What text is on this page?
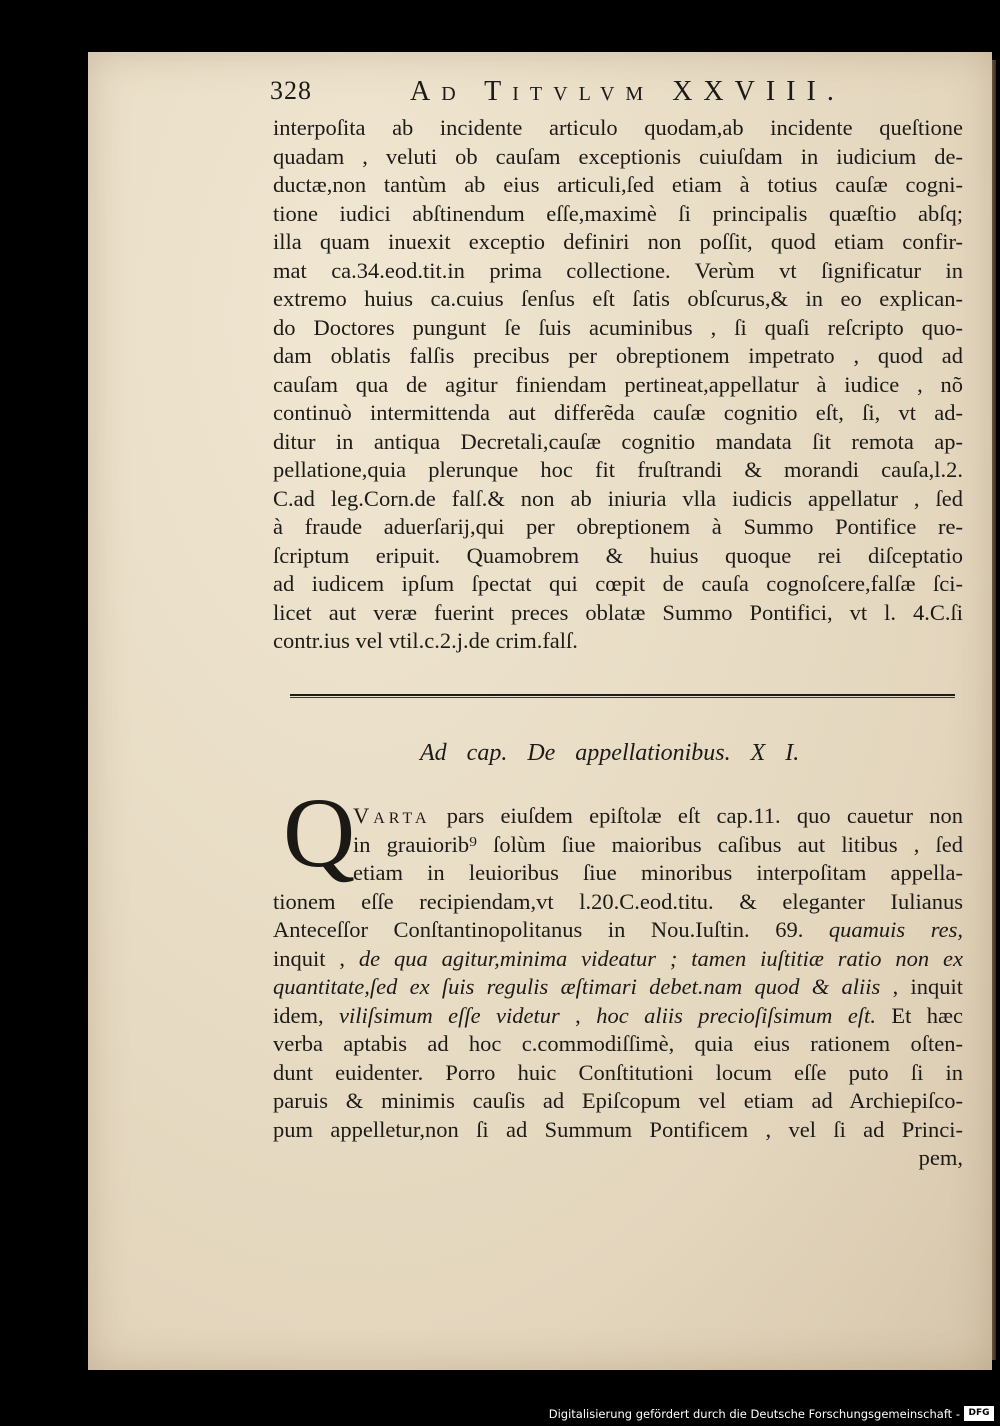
328	Ad Titvlvm XXVIII.
interpoſita ab incidente articulo quodam,ab incidente queſtione
quadam , veluti ob cauſam exceptionis cuiuſdam in iudicium de-
ductæ,non tantùm ab eius articuli,ſed etiam à totius cauſæ cogni-
tione iudici abſtinendum eſſe,maximè ſi principalis quæſtio abſq;
illa quam inuexit exceptio definiri non poſſit, quod etiam confir-
mat ca.34.eod.tit.in prima collectione. Verùm vt ſignificatur in
extremo huius ca.cuius ſenſus eſt ſatis obſcurus,& in eo explican-
do Doctores pungunt ſe ſuis acuminibus , ſi quaſi reſcripto quo-
dam oblatis falſis precibus per obreptionem impetrato , quod ad
cauſam qua de agitur finiendam pertineat,appellatur à iudice , nõ
continuò intermittenda aut differẽda cauſæ cognitio eſt, ſi, vt ad-
ditur in antiqua Decretali,cauſæ cognitio mandata ſit remota ap-
pellatione,quia plerunque hoc fit fruſtrandi & morandi cauſa,l.2.
C.ad leg.Corn.de falſ.& non ab iniuria vlla iudicis appellatur , ſed
à fraude aduerſarij,qui per obreptionem à Summo Pontifice re-
ſcriptum eripuit. Quamobrem & huius quoque rei diſceptatio
ad iudicem ipſum ſpectat qui cœpit de cauſa cognoſcere,falſæ ſci-
licet aut veræ fuerint preces oblatæ Summo Pontifici, vt l. 4.C.ſi
contr.ius vel vtil.c.2.j.de crim.falſ.
Ad cap. De appellationibus. X I.
Q
Varta pars eiuſdem epiſtolæ eſt cap.11. quo cauetur non
in grauiorib⁹ ſolùm ſiue maioribus caſibus aut litibus , ſed
etiam in leuioribus ſiue minoribus interpoſitam appella-
tionem eſſe recipiendam,vt l.20.C.eod.titu. & eleganter Iulianus
Anteceſſor Conſtantinopolitanus in Nou.Iuſtin. 69. quamuis res,
inquit , de qua agitur,minima videatur ; tamen iuſtitiæ ratio non ex
quantitate,ſed ex ſuis regulis æſtimari debet.nam quod & aliis , inquit
idem, viliſsimum eſſe videtur , hoc aliis precioſiſsimum eſt. Et hæc
verba aptabis ad hoc c.commodiſſimè, quia eius rationem oſten-
dunt euidenter. Porro huic Conſtitutioni locum eſſe puto ſi in
paruis & minimis cauſis ad Epiſcopum vel etiam ad Archiepiſco-
pum appelletur,non ſi ad Summum Pontificem , vel ſi ad Princi-
pem,
Digitalisierung gefördert durch die Deutsche Forschungsgemeinschaft - DFG
